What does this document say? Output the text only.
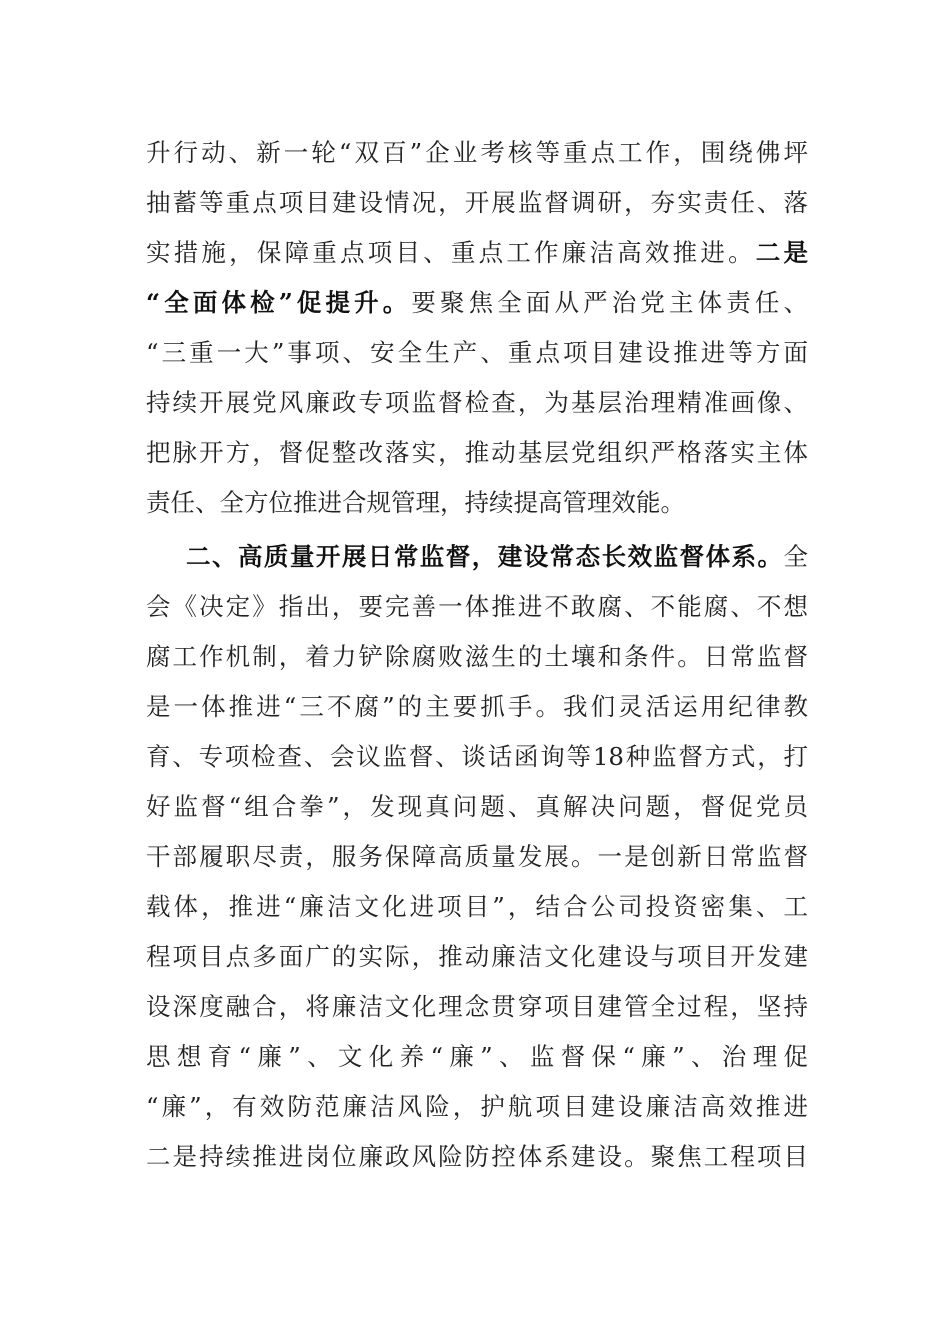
升行动、新一轮“双百”企业考核等重点工作，围绕佛坪
抽蓄等重点项目建设情况，开展监督调研，夯实责任、落
实措施，保障重点项目、重点工作廉洁高效推进。二是
“全面体检”促提升。要聚焦全面从严治党主体责任、
“三重一大”事项、安全生产、重点项目建设推进等方面
持续开展党风廉政专项监督检查，为基层治理精准画像、
把脉开方，督促整改落实，推动基层党组织严格落实主体
责任、全方位推进合规管理，持续提高管理效能。
二、高质量开展日常监督，建设常态长效监督体系。全
会《决定》指出，要完善一体推进不敢腐、不能腐、不想
腐工作机制，着力铲除腐败滋生的土壤和条件。日常监督
是一体推进“三不腐”的主要抓手。我们灵活运用纪律教
育、专项检查、会议监督、谈话函询等18种监督方式，打
好监督“组合拳”，发现真问题、真解决问题，督促党员
干部履职尽责，服务保障高质量发展。一是创新日常监督
载体，推进“廉洁文化进项目”，结合公司投资密集、工
程项目点多面广的实际，推动廉洁文化建设与项目开发建
设深度融合，将廉洁文化理念贯穿项目建管全过程，坚持
思想育“廉”、文化养“廉”、监督保“廉”、治理促
“廉”，有效防范廉洁风险，护航项目建设廉洁高效推进
二是持续推进岗位廉政风险防控体系建设。聚焦工程项目
